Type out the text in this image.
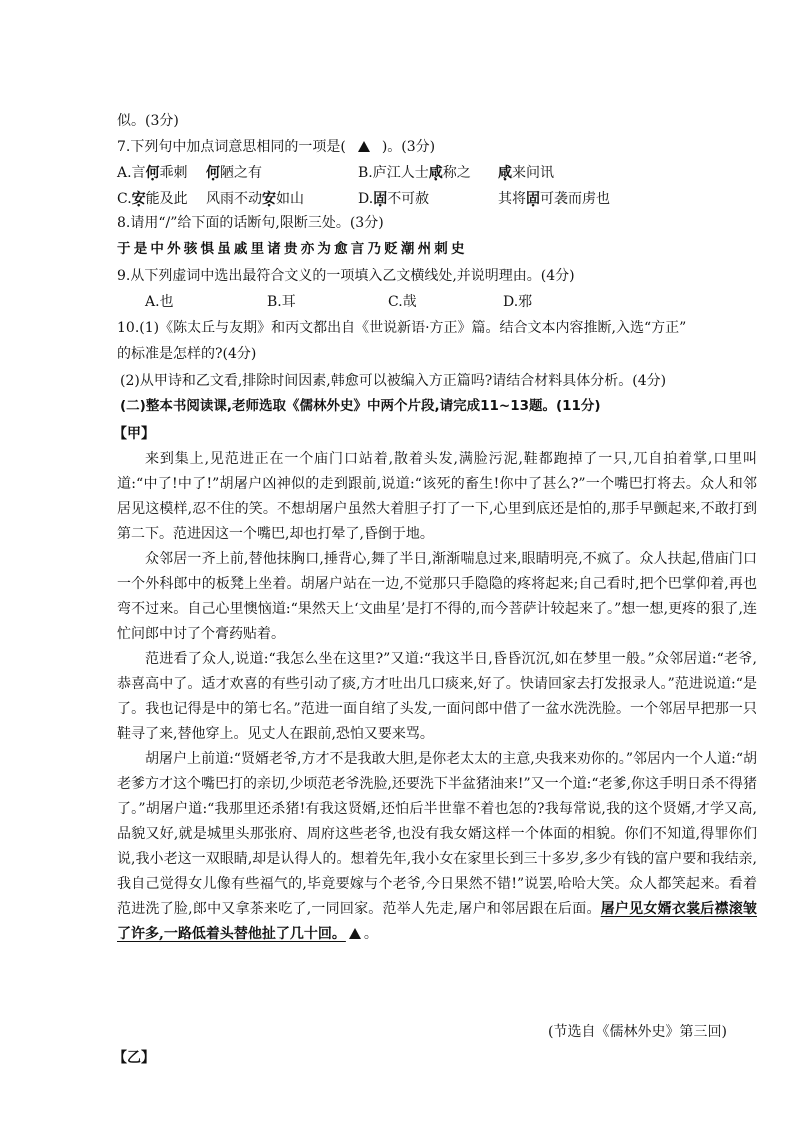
似。(3分)
7.下列句中加点词意思相同的一项是(	)。(3分)
A.言何乖刺 何陋之有	B.庐江人士咸称之 咸来问讯
C.安能及此 风雨不动安如山	D.固不可赦	其将固可袭而虏也
8.请用“/”给下面的话断句,限断三处。(3分)
于是中外骇惧虽戚里诸贵亦为愈言乃贬潮州刺史
9.从下列虚词中选出最符合文义的一项填入乙文横线处,并说明理由。(4分)
A.也	B.耳	C.哉	D.邪
10.(1)《陈太丘与友期》和丙文都出自《世说新语·方正》篇。结合文本内容推断,入选“方正”
的标准是怎样的?(4分)
(2)从甲诗和乙文看,排除时间因素,韩愈可以被编入方正篇吗?请结合材料具体分析。(4分)
(二)整本书阅读课,老师选取《儒林外史》中两个片段,请完成11~13题。(11分)
【甲】

来到集上,见范进正在一个庙门口站着,散着头发,满脸污泥,鞋都跑掉了一只,兀自拍着掌,口里叫道:“中了!中了!”胡屠户凶神似的走到跟前,说道:“该死的畜生!你中了甚么?”一个嘴巴打将去。众人和邻居见这模样,忍不住的笑。不想胡屠户虽然大着胆子打了一下,心里到底还是怕的,那手早颤起来,不敢打到第二下。范进因这一个嘴巴,却也打晕了,昏倒于地。

众邻居一齐上前,替他抹胸口,捶背心,舞了半日,渐渐喘息过来,眼睛明亮,不疯了。众人扶起,借庙门口一个外科郎中的板凳上坐着。胡屠户站在一边,不觉那只手隐隐的疼将起来;自己看时,把个巴掌仰着,再也弯不过来。自己心里懊恼道:“果然天上‘文曲星’是打不得的,而今菩萨计较起来了。”想一想,更疼的狠了,连忙问郎中讨了个膏药贴着。

范进看了众人,说道:“我怎么坐在这里?”又道:“我这半日,昏昏沉沉,如在梦里一般。”众邻居道:“老爷,恭喜高中了。适才欢喜的有些引动了痰,方才吐出几口痰来,好了。快请回家去打发报录人。”范进说道:“是了。我也记得是中的第七名。”范进一面自绾了头发,一面问郎中借了一盆水洗洗脸。一个邻居早把那一只鞋寻了来,替他穿上。见丈人在跟前,恐怕又要来骂。

胡屠户上前道:“贤婿老爷,方才不是我敢大胆,是你老太太的主意,央我来劝你的。”邻居内一个人道:“胡老爹方才这个嘴巴打的亲切,少顷范老爷洗脸,还要洗下半盆猪油来!”又一个道:“老爹,你这手明日杀不得猪了。”胡屠户道:“我那里还杀猪!有我这贤婿,还怕后半世靠不着也怎的?我每常说,我的这个贤婿,才学又高,品貌又好,就是城里头那张府、周府这些老爷,也没有我女婿这样一个体面的相貌。你们不知道,得罪你们说,我小老这一双眼睛,却是认得人的。想着先年,我小女在家里长到三十多岁,多少有钱的富户要和我结亲,我自己觉得女儿像有些福气的,毕竟要嫁与个老爷,今日果然不错!”说罢,哈哈大笑。众人都笑起来。看着范进洗了脸,郎中又拿茶来吃了,一同回家。范举人先走,屠户和邻居跟在后面。屠户见女婿衣裳后襟滚皱了许多,一路低着头替他扯了几十回。 。

(节选自《儒林外史》第三回)
【乙】
